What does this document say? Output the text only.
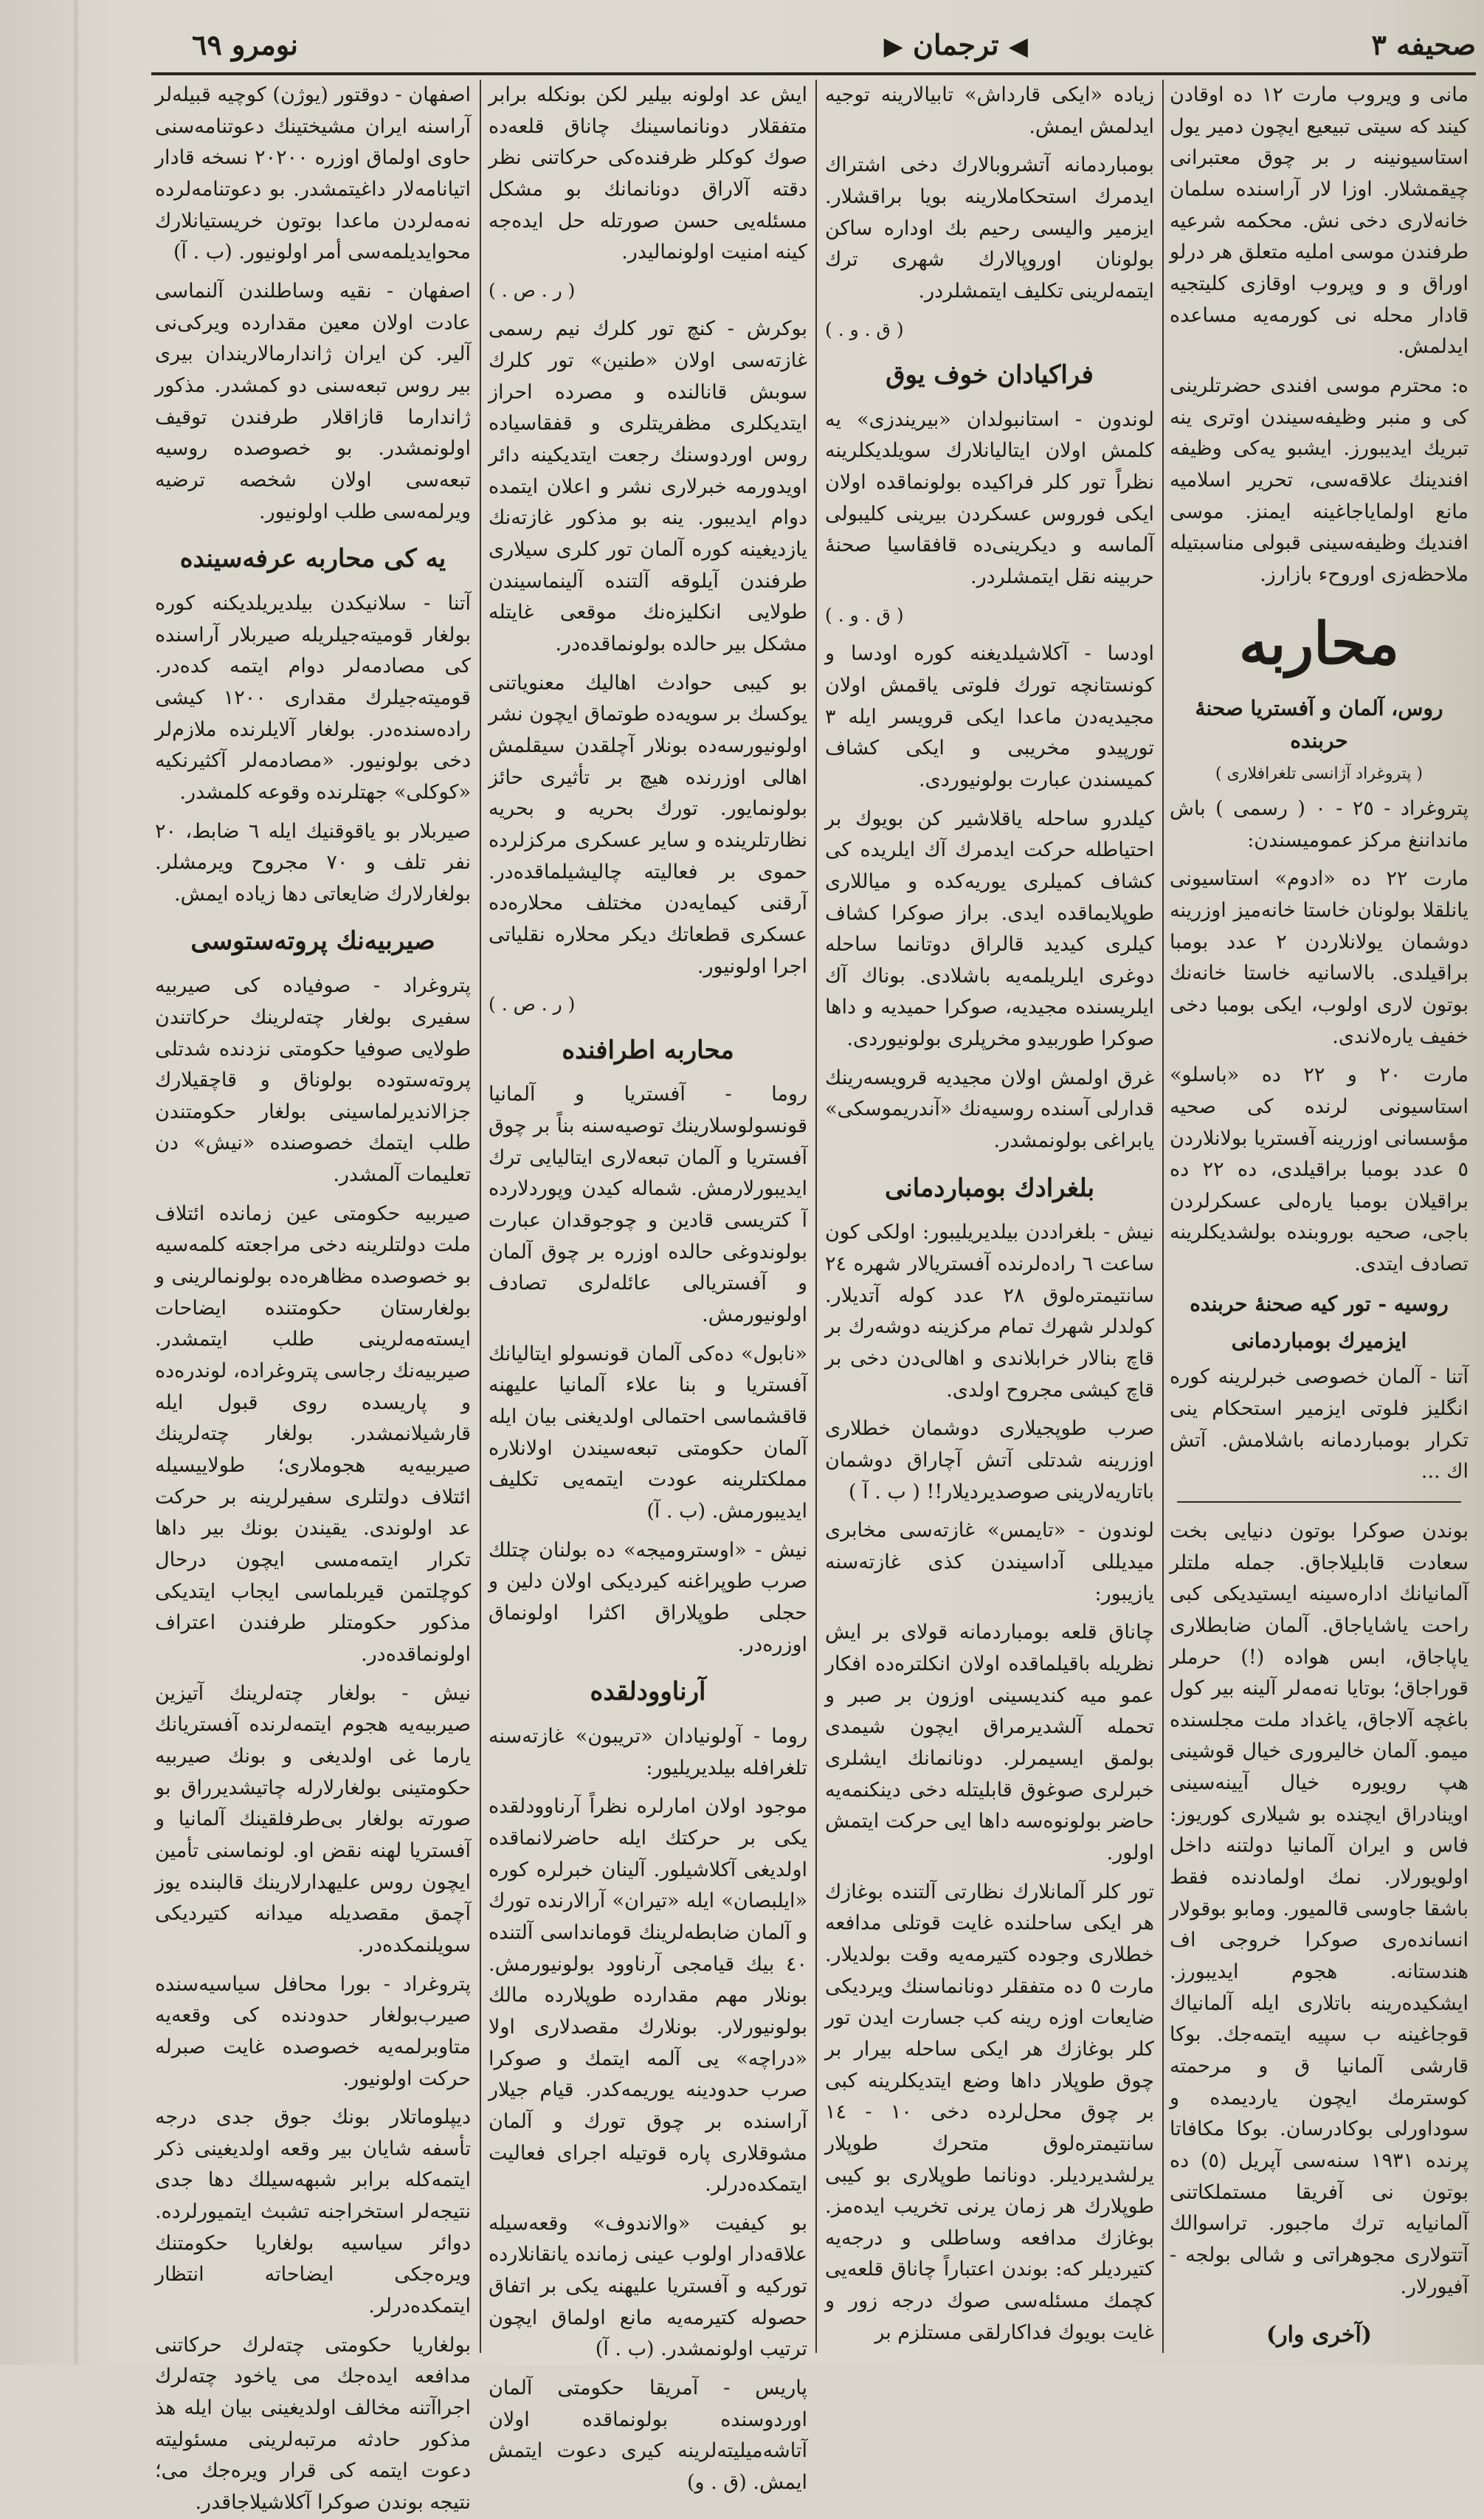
صحيفه ٣
◀ ترجمان ▶
نومرو ٦٩

مانى و ويروب مارت ١٢ ده اوقادن كيند كه سيتى تبيعيع ايچون دمير يول استاسيونينه ر بر چوق معتبرانى چيقمشلار. اوزا لار آراسنده سلمان خانه‌لارى دخى نش. محكمه شرعيه طرفندن موسى امليه متعلق هر درلو اوراق و و وپروب اوقازى كليتجيه قادار محله نى كورمه‌يه مساعده ايدلمش.

ه‌: محترم موسى افندى حضرتلرينى كى و منبر وظيفه‌سيندن اوترى ينه تبريك ايديبورز. ايشبو يه‌كى وظيفه افندينك علاقه‌سى، تحرير اسلاميه مانع اولماياجاغينه ايمنز. موسى افنديك وظيفه‌سينى قبولى مناسبتيله ملاحظه‌زى اوروح‌ء بازارز.

محاربه
روس، آلمان و آفستريا صحنهٔ حربنده
( پتروغراد آژانسى تلغرافلارى )

پتروغراد - ٢٥ - ٠ ( رسمى ) باش مانداننغ مركز عموميسندن:

مارت ٢٢ ده «ادوم» استاسيونى يانلقلا بولونان خاستا خانه‌ميز اوزرينه دوشمان يولانلاردن ٢ عدد بومبا براقيلدى. بالاسانيه خاستا خانه‌نك بوتون لارى اولوب، ايكى بومبا دخى خفيف ياره‌لاندى.

مارت ٢٠ و ٢٢ ده «باسلو» استاسيونى لرنده كى صحيه مؤسسانى اوزرينه آفستريا بولانلاردن ٥ عدد بومبا براقيلدى، ده ٢٢ ده براقيلان بومبا ياره‌لى عسكرلردن باجى، صحيه بوروبنده بولشديكلرينه تصادف ايتدى.

روسيه - تور كيه صحنهٔ حربنده
ايزميرك بومباردمانى

آتنا - آلمان خصوصى خبرلرينه كوره انگليز فلوتى ايزمير استحكام ينى تكرار بومباردمانه باشلامش. آتش اك ...

بوندن صوكرا بوتون دنيايى بخت سعادت قابليلاجاق. جمله ملتلر آلمانيانك اداره‌سينه ايستيديكى كبى راحت ياشاياجاق. آلمان ضابطلارى ياپاجاق، ابس هواده (!) حرملر قوراجاق؛ بوتايا نه‌مه‌لر آلينه بير كول باغچه آلاجاق، ياغداد ملت مجلسنده ميمو. آلمان خاليرورى خيال قوشينى هپ رويوره خيال آيينه‌سينى اوينادراق ايچنده بو شيلارى كوريوز: فاس و ايران آلمانيا دولتنه داخل اولويورلار. نمك اولمادنده فقط باشقا جاوسى قالميور. ومابو بوقولار انسانده‌رى صوكرا خروجى اف هندستانه. هجوم ايديبورز. ايشكيده‌رينه باتلارى ايله آلمانياك قوجاغينه ب سپيه ايتمه‌جك. بوكا قارشى آلمانيا ق و مرحمته كوسترمك ايچون يارديمده و سوداورلى بوكادرسان. بوكا مكافاتا پرنده ١٩٣١ سنه‌سى آپريل (٥) ده بوتون نى آفريقا مستملكاتنى آلمانيايه ترك ماجبور. تراسوالك آتتولارى مجوهراتى و شالى بولجه - آفيورلار.

(آخرى وار)

زياده «ايكى قارداش» تابيالارينه توجيه ايدلمش ايمش.

بومباردمانه آتشروبالارك دخى اشتراك ايدمرك استحكاملارينه بويا براقشلار. ايزمير واليسى رحيم بك اوداره ساكن بولونان اوروپالارك شهرى ترك ايتمه‌لرينى تكليف ايتمشلردر.

( ق . و . )
فراكيادان خوف يوق

لوندون - استانبولدان «بيريندزى» يه كلمش اولان ايتاليانلارك سويلديكلرينه نظراً تور كلر فراكيده بولونماقده اولان ايكى فوروس عسكردن بيرينى كليبولى آلماسه و ديكرينى‌ده قافقاسيا صحنهٔ حربينه نقل ايتمشلردر.

( ق . و . )

اودسا - آكلاشيلديغنه كوره اودسا و كونستانچه تورك فلوتى ياقمش اولان مجيديه‌دن ماعدا ايكى قرويسر ايله ٣ تورپيدو مخريبى و ايكى كشاف كميسندن عبارت بولونيوردى.

كيلدرو ساحله ياقلاشير كن بويوك بر احتياطله حركت ايدمرك آك ايلريده كى كشاف كميلرى يوريه‌كده و مياللارى طوپلايماقده ايدى. براز صوكرا كشاف كيلرى كيديد قالراق دوتانما ساحله دوغرى ايلريلمه‌يه باشلادى. بوناك آك ايلريسنده مجيديه، صوكرا حميديه و داها صوكرا طوربيدو مخرپلرى بولونيوردى.

غرق اولمش اولان مجيديه قرويسه‌رينك قدارلى آسنده روسيه‌نك «آندريموسكى» يابراغى بولونمشدر.

بلغرادك بومباردمانى

نيش - بلغراددن بيلديريليبور: اولكى كون ساعت ٦ راده‌لرنده آفستريالار شهره ٢٤ سانتيمتره‌لوق ٢٨ عدد كوله آتديلار. كولدلر شهرك تمام مركزينه دوشه‌رك بر قاچ بنالار خرابلاندى و اهالى‌دن دخى بر قاچ كيشى مجروح اولدى.

صرب طوپجيلارى دوشمان خطلارى اوزرينه شدتلى آتش آچاراق دوشمان باتاريه‌لارينى صوصديرديلار!! ( ب . آ )

لوندون - «تايمس» غازته‌سى مخابرى ميديللى آداسيندن كذى غازته‌سنه يازيبور:

چاناق قلعه بومباردمانه قولاى بر ايش نظريله باقيلماقده اولان انكلتره‌ده افكار عمو ميه كنديسينى اوزون بر صبر و تحمله آلشديرمراق ايچون شيمدى بولمق ايسيمرلر. دونانمانك ايشلرى خبرلرى صوغوق قابليتله دخى دينكنمه‌يه حاضر بولونوه‌سه داها ايى حركت ايتمش اولور.

تور كلر آلمانلارك نظارتى آلتنده بوغازك هر ايكى ساحلنده غايت قوتلى مدافعه خطلارى وجوده كتيرمه‌يه وقت بولديلار. مارت ٥ ده متفقلر دونانماسنك ويرديكى ضايعات اوزه رينه كب جسارت ايدن تور كلر بوغازك هر ايكى ساحله بيرار بر چوق طوپلار داها وضع ايتديكلرينه كبى بر چوق محل‌لرده دخى ١٠ - ١٤ سانتيمتره‌لوق متحرك طوپلار يرلشديرديلر. دونانما طوپلارى بو كيبى طوپلارك هر زمان يرنى تخريب ايده‌مز. بوغازك مدافعه وساطلى و درجه‌يه كتيرديلر كه: بوندن اعتباراً چاناق قلعه‌يى كچمك مسئله‌سى صوك درجه زور و غايت بويوك فداكارلقى مستلزم بر

ايش عد اولونه بيلير لكن بونكله برابر متفقلار دونانماسينك چاناق قلعه‌ده صوك كوكلر ظرفنده‌كى حركاتنى نظر دقته آلاراق دونانمانك بو مشكل مسئله‌يى حسن صورتله حل ايده‌جه كينه امنيت اولونماليدر.

( ر . ص . )

بوكرش - كنچ تور كلرك نيم رسمى غازته‌سى اولان «طنين» تور كلرك سوبش قانالنده و مصرده احراز ايتديكلرى مظفريتلرى و قفقاسياده روس اوردوسنك رجعت ايتديكينه دائر اويدورمه خبرلارى نشر و اعلان ايتمده دوام ايديبور. ينه بو مذكور غازته‌نك يازديغينه كوره آلمان تور كلرى سيلارى طرفندن آيلوقه آلتنده آلينماسيندن طولايى انكليزه‌نك موقعى غايتله مشكل بير حالده بولونماقده‌در.

بو كيبى حوادث اهاليك معنوياتنى يوكسك بر سويه‌ده طوتماق ايچون نشر اولونيورسه‌ده بونلار آچلقدن سيقلمش اهالى اوزرنده هيچ بر تأثيرى حائز بولونمايور. تورك بحريه و بحريه نظارتلرينده و ساير عسكرى مركزلرده حموى بر فعاليته چاليشيلماقده‌در. آرقنى كيمايه‌دن مختلف محلاره‌ده عسكرى قطعاتك ديكر محلاره‌ نقلياتى اجرا اولونيور.

( ر . ص . )
محاربه اطرافنده

روما - آفستريا و آلمانيا قونسولوسلارينك توصيه‌سنه بناً بر چوق آفستريا و آلمان تبعه‌لارى ايتاليايى ترك ايديبورلارمش. شماله كيدن وپوردلارده آ كتريسى قادين و چوجوقدان عبارت بولوندوغى حالده اوزره بر چوق آلمان و آفستريالى عائله‌لرى تصادف اولونيورمش.

«نابول» ده‌كى آلمان قونسولو ايتاليانك آفستريا و بنا علاء آلمانيا عليهنه قاقشماسى احتمالى اولديغنى بيان ايله آلمان حكومتى تبعه‌سيندن اولانلاره مملكتلرينه عودت ايتمه‌يى تكليف ايديبورمش. (ب . آ)

نيش - «اوستروميجه» ده بولنان چتلك صرب طوپراغنه كيرديكى اولان دلين و حجلى طوپلاراق اكثرا اولونماق اوزره‌در.

آرناوودلقده

روما - آولونيادان «تريبون» غازته‌سنه تلغرافله بيلديريليور:

موجود اولان امارلره نظراً آرناوودلقده يكى بر حركتك ايله حاضرلانماقده اولديغى آكلاشيلور. آلينان خبرلره كوره «ايلبصان» ايله «تيران» آرالارنده تورك و آلمان ضابطه‌لرينك قومانداسى آلتنده ٤٠ بيك قيامجى آرناوود بولونيورمش. بونلار مهم مقدارده طوپلارده مالك بولونيورلار. بونلارك مقصدلارى اولا «دراچه» يى آلمه ايتمك و صوكرا صرب حدودينه يوريمه‌كدر. قيام جيلار آراسنده بر چوق تورك و آلمان مشوقلارى پاره قوتيله اجراى فعاليت ايتمكده‌درلر.

بو كيفيت «والاندوف» وقعه‌سيله علاقه‌دار اولوب عينى زمانده يانقانلارده توركيه و آفستريا عليهنه يكى بر اتفاق حصوله كتيرمه‌يه مانع اولماق ايچون ترتيب اولونمشدر. (ب . آ)

پاريس - آمريقا حكومتى آلمان اوردوسنده بولونماقده اولان آتاشه‌ميليته‌لرينه كيرى دعوت ايتمش ايمش. (ق . و)

اصفهان - دوقتور (يوژن) كوچيه قبيله‌لر آراسنه ايران مشيختينك دعوتنامه‌سنى حاوى اولماق اوزره ٢٠٢٠٠ نسخه قادار اتيانامه‌لار داغيتمشدر. بو دعوتنامه‌لرده نه‌مه‌لردن ماعدا بوتون خريستيانلارك محوايديلمه‌سى أمر اولونيور. (ب . آ)

اصفهان - نقيه وساطلندن آلنماسى عادت اولان معين مقدارده ويركى‌نى آلير. كن ايران ژاندارمالاريندان بيرى بير روس تبعه‌سنى دو كمشدر. مذكور ژاندارما قازاقلار طرفندن توقيف اولونمشدر. بو خصوصده روسيه تبعه‌سى اولان شخصه ترضيه ويرلمه‌سى طلب اولونيور.

يه كى محاربه عرفه‌سينده

آتنا - سلانيكدن بيلديريلديكنه كوره بولغار قوميته‌جيلريله صيربلار آراسنده كى مصادمه‌لر دوام ايتمه كده‌در. قوميته‌جيلرك مقدارى ١٢٠٠ كيشى راده‌سنده‌در. بولغار آلايلرنده ملازم‌لر دخى بولونيور. «مصادمه‌لر آكثيرنكيه «كوكلى» جهتلرنده وقوعه كلمشدر.

صيربلار بو ياقوقنيك ايله ٦ ضابط، ٢٠ نفر تلف و ٧٠ مجروح ويرمشلر. بولغارلارك ضايعاتى دها زياده ايمش.

صيربيه‌نك پروته‌ستوسى

پتروغراد - صوفياده كى صيربيه سفيرى بولغار چته‌لرينك حركاتندن طولايى صوفيا حكومتى نزدنده شدتلى پروته‌ستوده بولوناق و قاچقيلارك جزالانديرلماسينى بولغار حكومتندن طلب ايتمك خصوصنده «نيش» دن تعليمات آلمشدر.

صيربيه حكومتى عين زمانده ائتلاف ملت دولتلرينه دخى مراجعته كلمه‌سيه بو خصوصده مظاهره‌ده بولونمالرينى و بولغارستان حكومتنده ايضاحات ايسته‌مه‌لرينى طلب ايتمشدر. صيربيه‌نك رجاسى پتروغراده، لوندره‌ده و پاريسده روى قبول ايله قارشيلانمشدر. بولغار چته‌لرينك صيربيه‌يه هجوملارى؛ طولاييسيله ائتلاف دولتلرى سفيرلرينه بر حركت عد اولوندى. يقيندن بونك بير داها تكرار ايتمه‌مسى ايچون درحال كوچلتمن قيربلماسى ايجاب ايتديكى مذكور حكومتلر طرفندن اعتراف اولونماقده‌در.

نيش - بولغار چته‌لرينك آتيزين صيربيه‌يه هجوم ايتمه‌لرنده آفستريانك يارما غى اولديغى و بونك صيربيه حكومتينى بولغارلارله چاتيشديرراق بو صورته بولغار بى‌طرفلقينك آلمانيا و آفستريا لهنه نقض او. لونماسنى تأمين ايچون روس عليهدارلارينك قالبنده يوز آچمق مقصديله ميدانه كتيرديكى سويلنمكده‌در.

پتروغراد - بورا محافل سياسيه‌سنده صيرب‌بولغار حدودنده كى وقعه‌يه متاوبرلمه‌يه خصوصده غايت صبرله حركت اولونيور.

ديپلوماتلار بونك جوق جدى درجه تأسفه شايان بير وقعه اولديغينى ذكر ايتمه‌كله برابر شبهه‌سيلك دها جدى نتيجه‌لر استخراجنه تشبث ايتميورلرده. دوائر سياسيه بولغاريا حكومتنك ويره‌جكى ايضاحاته انتظار ايتمكده‌درلر.

بولغاريا حكومتى چته‌لرك حركاتنى مدافعه ايده‌جك مى ياخود چته‌لرك اجراآتنه مخالف اولديغينى بيان ايله هذ مذكور حادثه مرتبه‌لرينى مسئوليته دعوت ايتمه كى قرار ويره‌جك مى؛ نتيجه بوندن صوكرا آكلاشيلاجاقدر.
